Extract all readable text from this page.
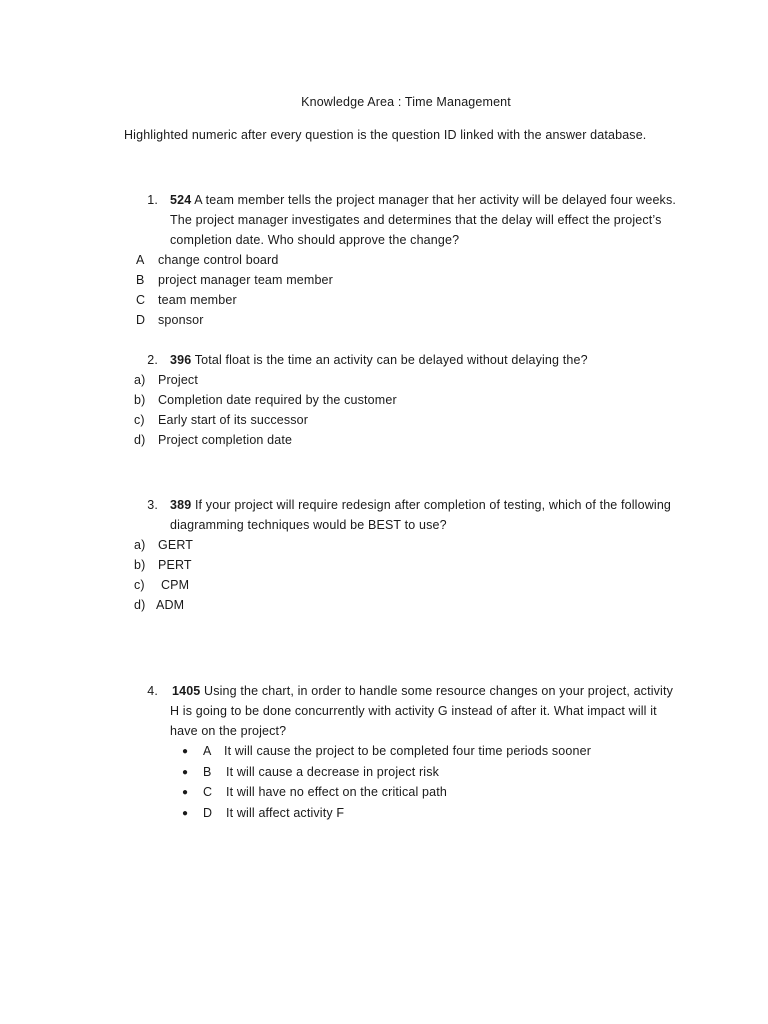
Knowledge Area : Time Management
Highlighted numeric after every question is the question ID linked with the answer database.
1. 524 A team member tells the project manager that her activity will be delayed four weeks.
The project manager investigates and determines that the delay will effect the project’s
completion date. Who should approve the change?
A change control board
B project manager team member
C team member
D sponsor
2. 396 Total float is the time an activity can be delayed without delaying the?
a) Project
b) Completion date required by the customer
c) Early start of its successor
d) Project completion date
3. 389 If your project will require redesign after completion of testing, which of the following
diagramming techniques would be BEST to use?
a) GERT
b) PERT
c) CPM
d) ADM
4. 1405 Using the chart, in order to handle some resource changes on your project, activity
H is going to be done concurrently with activity G instead of after it. What impact will it
have on the project?
● A It will cause the project to be completed four time periods sooner
● B It will cause a decrease in project risk
● C It will have no effect on the critical path
● D It will affect activity F
